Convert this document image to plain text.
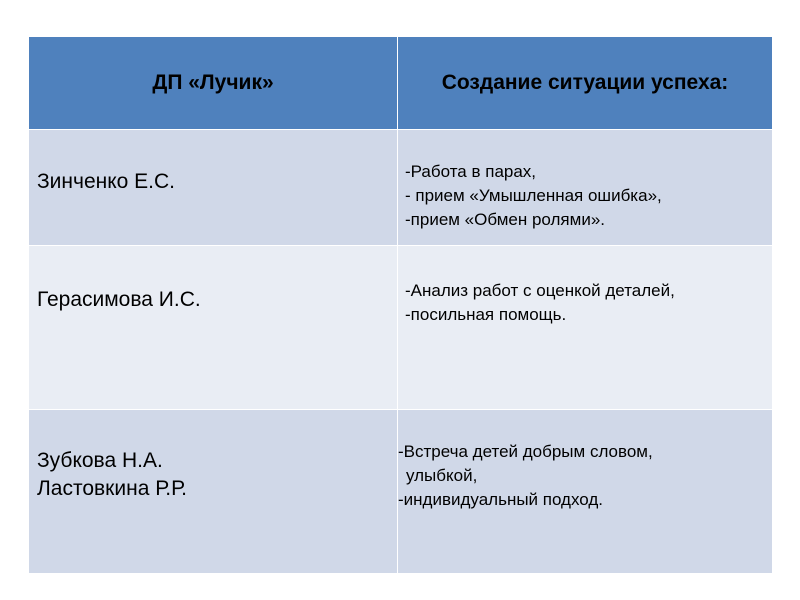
ДП «Лучик»	Создание ситуации успеха:

Зинченко Е.С.	-Работа в парах,
- прием «Умышленная ошибка»,
-прием «Обмен ролями».

Герасимова И.С.	-Анализ работ с оценкой деталей,
-посильная помощь.

Зубкова Н.А.
Ластовкина Р.Р.	-Встреча детей добрым словом,
улыбкой,
-индивидуальный подход.
